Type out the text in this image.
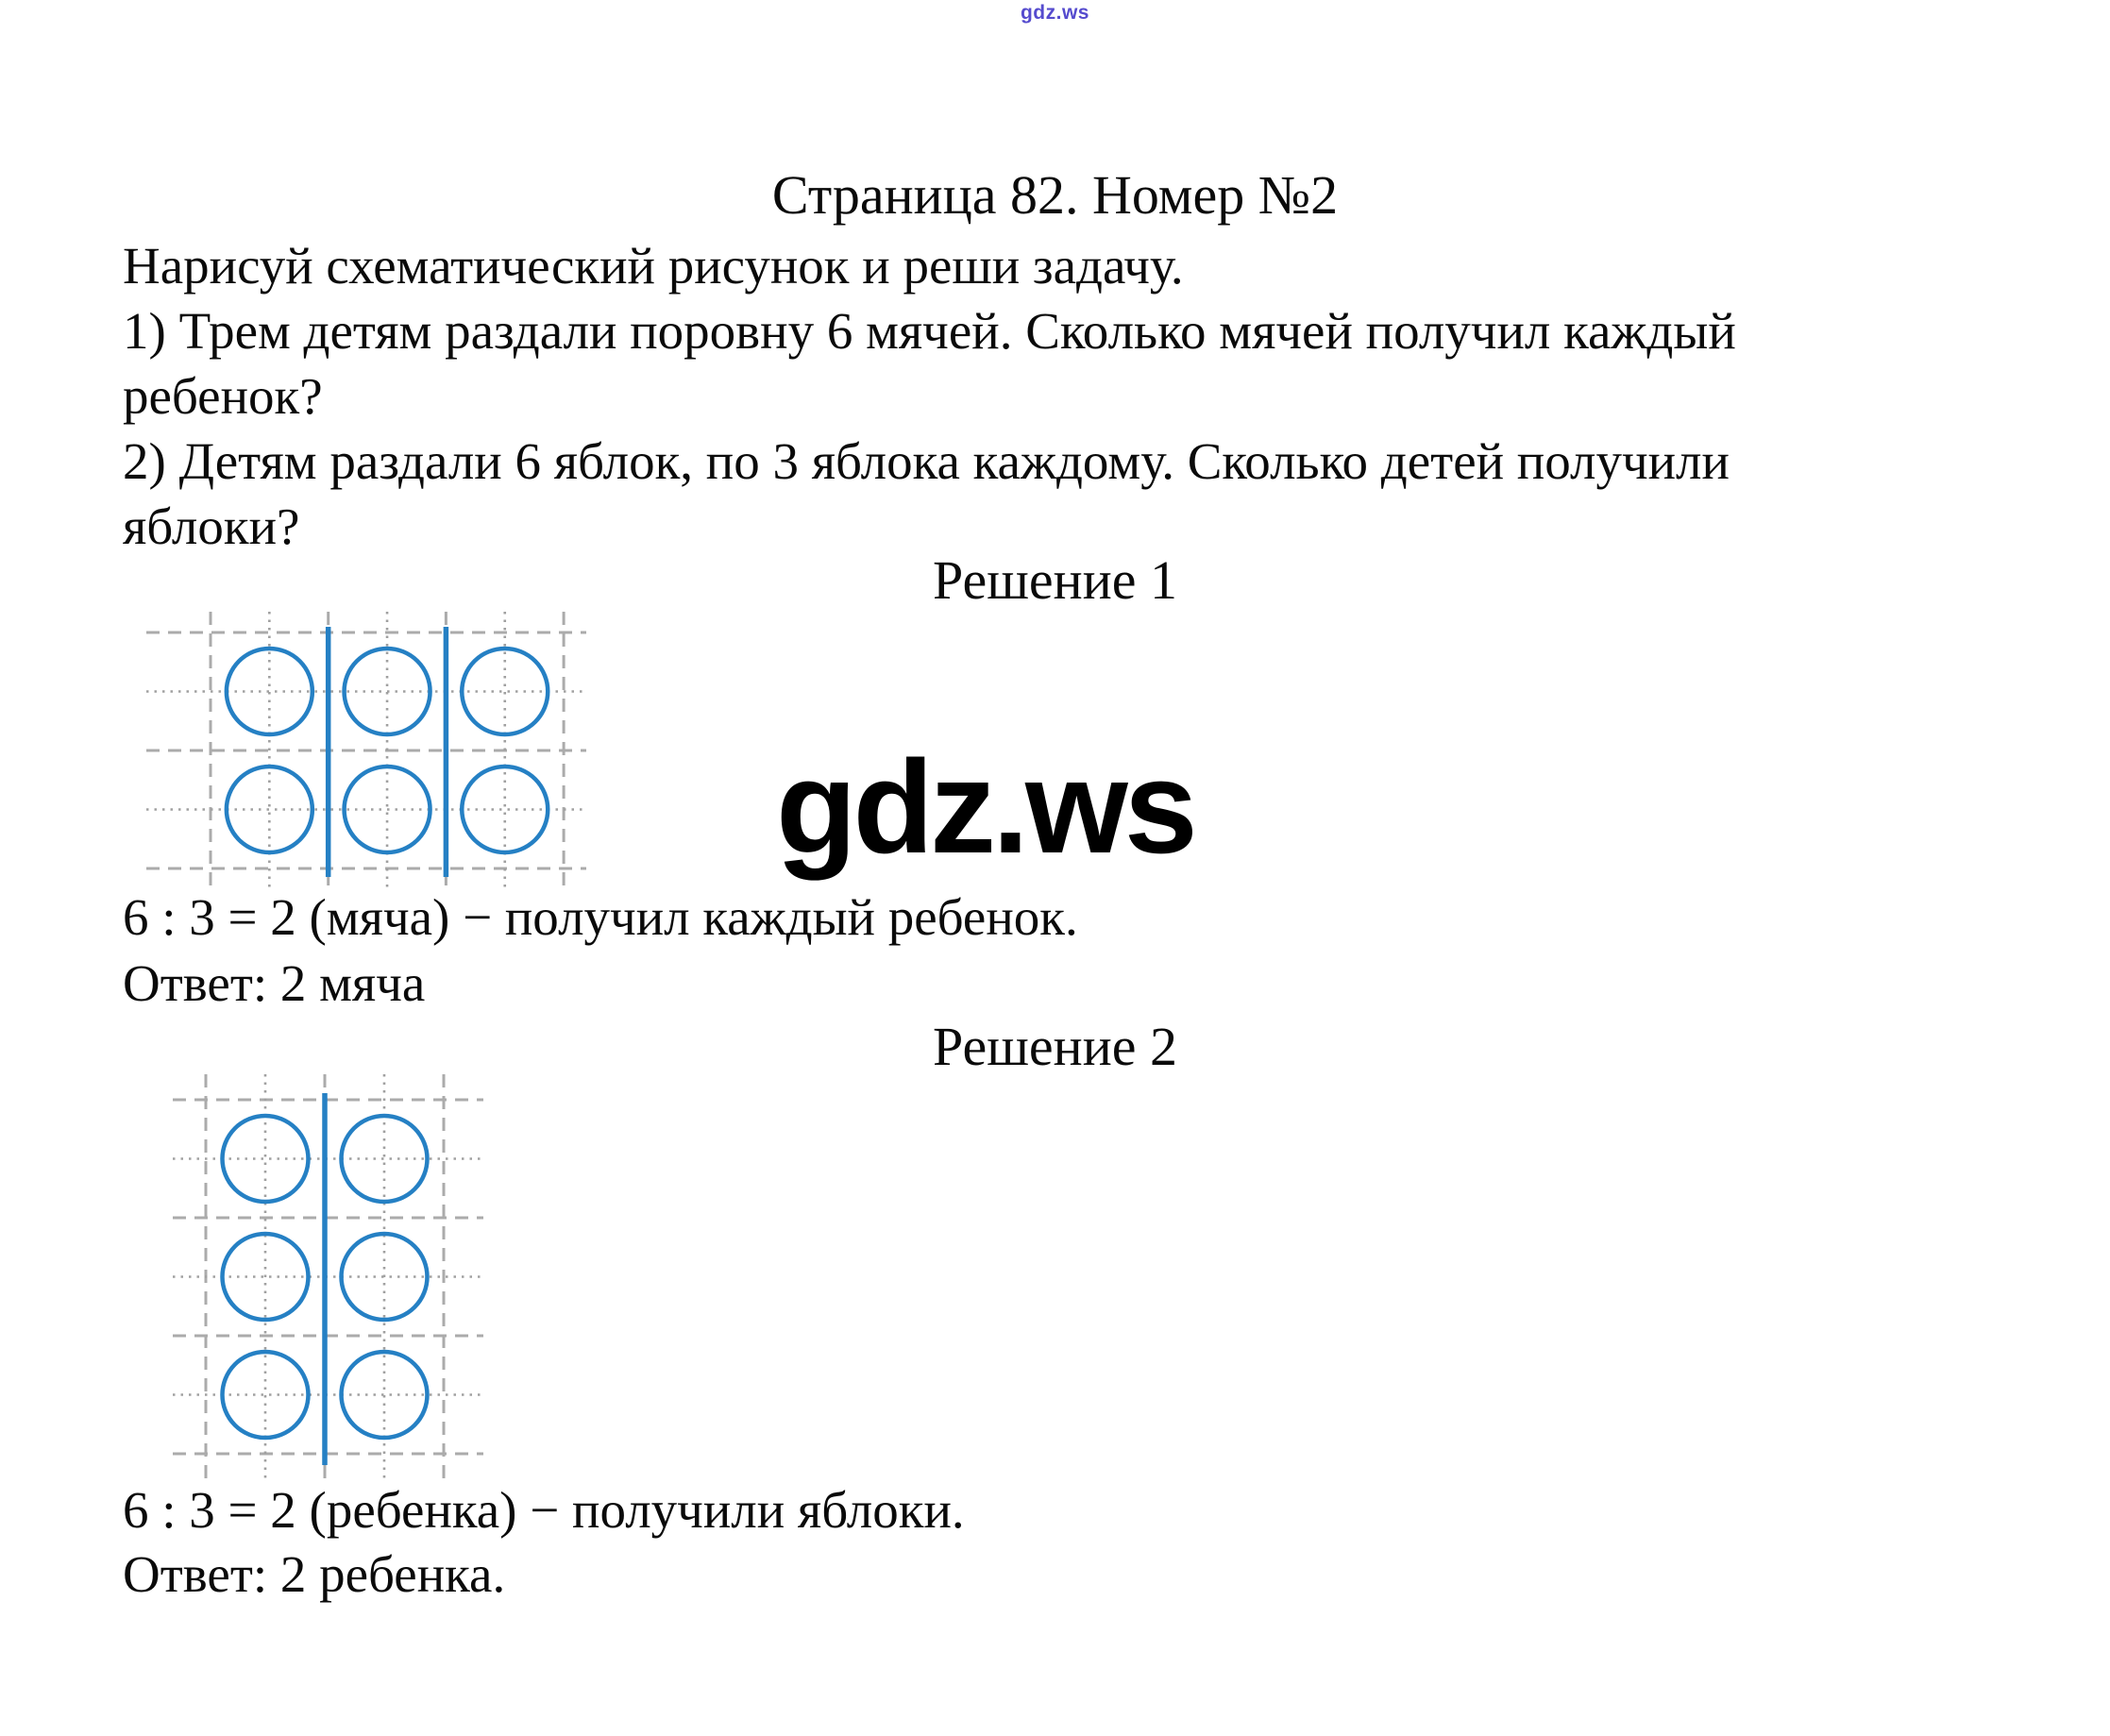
gdz.ws
Страница 82. Номер №2
Нарисуй схематический рисунок и реши задачу.
1) Трем детям раздали поровну 6 мячей. Сколько мячей получил каждый
ребенок?
2) Детям раздали 6 яблок, по 3 яблока каждому. Сколько детей получили
яблоки?
Решение 1
gdz.ws
6 : 3 = 2 (мяча) − получил каждый ребенок.
Ответ: 2 мяча
Решение 2
6 : 3 = 2 (ребенка) − получили яблоки.
Ответ: 2 ребенка.
